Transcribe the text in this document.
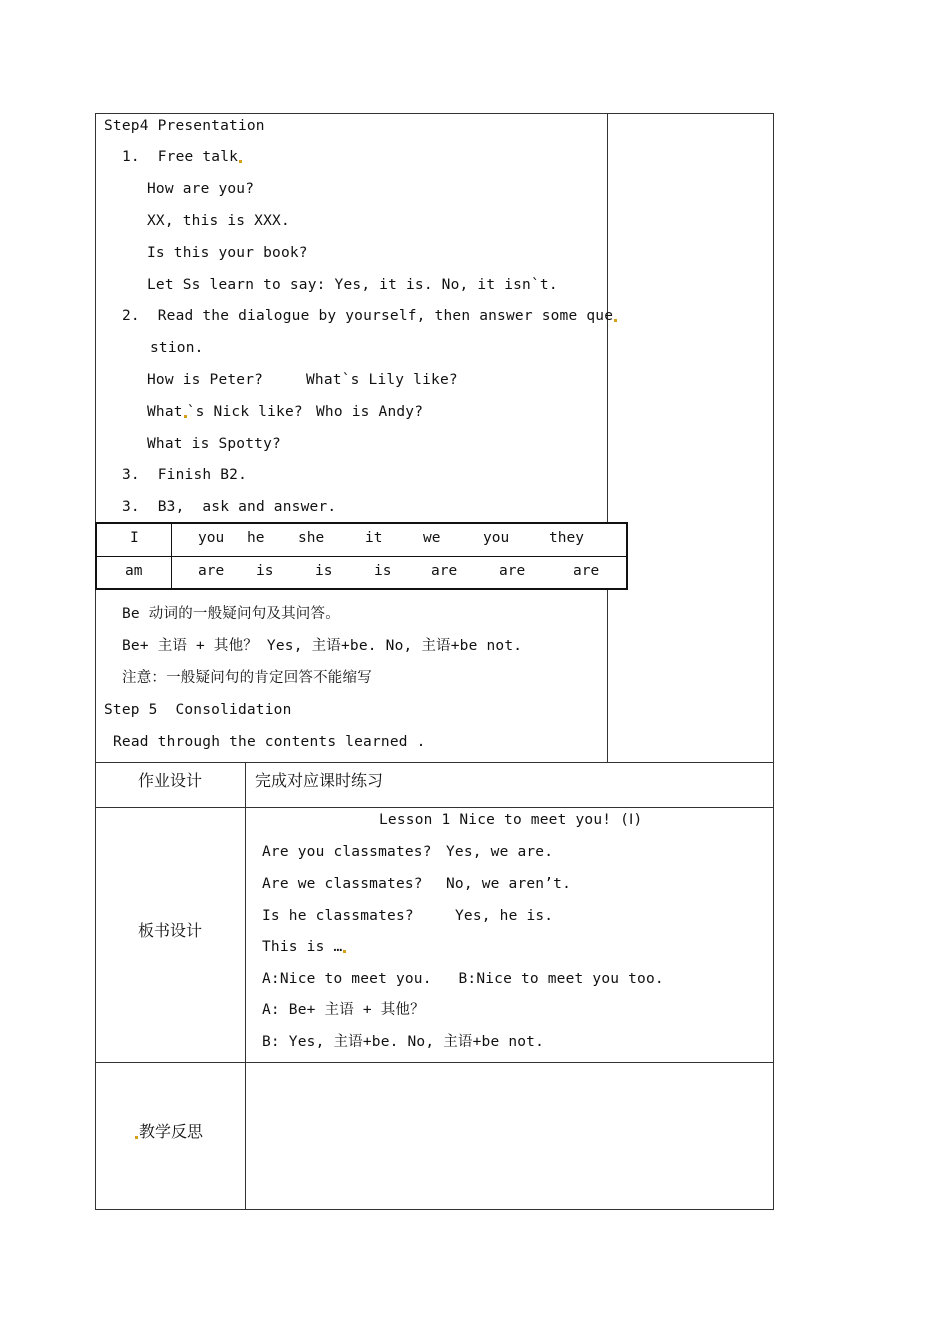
Step4 Presentation
1.  Free talk
How are you?
XX, this is XXX.
Is this your book?
Let Ss learn to say: Yes, it is. No, it isn`t.
2.  Read the dialogue by yourself, then answer some que
stion.
How is Peter?	What`s Lily like?
What `s Nick like? Who is Andy?
What is Spotty?
3.  Finish B2.
3.  B3,  ask and answer.
I	you he she	it	we	you	they
am	are is	is	is	are	are	are
Be 动词的一般疑问句及其问答。
Be+ 主语 + 其他？ Yes, 主语+be. No, 主语+be not.
注意：一般疑问句的肯定回答不能缩写
Step 5  Consolidation
Read through the contents learned .
作业设计	完成对应课时练习
板书设计
Lesson 1 Nice to meet you! (Ⅰ)
Are you classmates? Yes, we are.
Are we classmates? No, we aren’t.
Is he classmates?	Yes, he is.
This is …
A:Nice to meet you.   B:Nice to meet you too.
A: Be+ 主语 + 其他？
B: Yes, 主语+be. No, 主语+be not.
教学反思
